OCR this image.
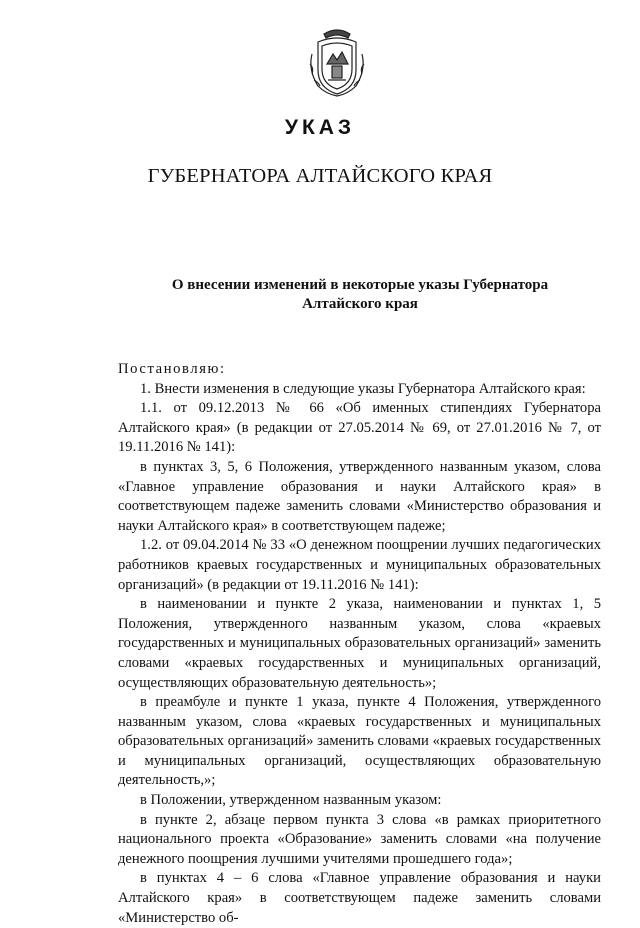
УКАЗ
ГУБЕРНАТОРА АЛТАЙСКОГО КРАЯ
О внесении изменений в некоторые указы Губернатора
Алтайского края

Постановляю:

1. Внести изменения в следующие указы Губернатора Алтайского края:

1.1. от 09.12.2013 № 66 «Об именных стипендиях Губернатора Алтайского края» (в редакции от 27.05.2014 № 69, от 27.01.2016 № 7, от 19.11.2016 № 141):

в пунктах 3, 5, 6 Положения, утвержденного названным указом, слова «Главное управление образования и науки Алтайского края» в соответствующем падеже заменить словами «Министерство образования и науки Алтайского края» в соответствующем падеже;

1.2. от 09.04.2014 № 33 «О денежном поощрении лучших педагогических работников краевых государственных и муниципальных образовательных организаций» (в редакции от 19.11.2016 № 141):

в наименовании и пункте 2 указа, наименовании и пунктах 1, 5 Положения, утвержденного названным указом, слова «краевых государственных и муниципальных образовательных организаций» заменить словами «краевых государственных и муниципальных организаций, осуществляющих образовательную деятельность»;

в преамбуле и пункте 1 указа, пункте 4 Положения, утвержденного названным указом, слова «краевых государственных и муниципальных образовательных организаций» заменить словами «краевых государственных и муниципальных организаций, осуществляющих образовательную деятельность,»;

в Положении, утвержденном названным указом:

в пункте 2, абзаце первом пункта 3 слова «в рамках приоритетного национального проекта «Образование» заменить словами «на получение денежного поощрения лучшими учителями прошедшего года»;

в пунктах 4 – 6 слова «Главное управление образования и науки Алтайского края» в соответствующем падеже заменить словами «Министерство об-
